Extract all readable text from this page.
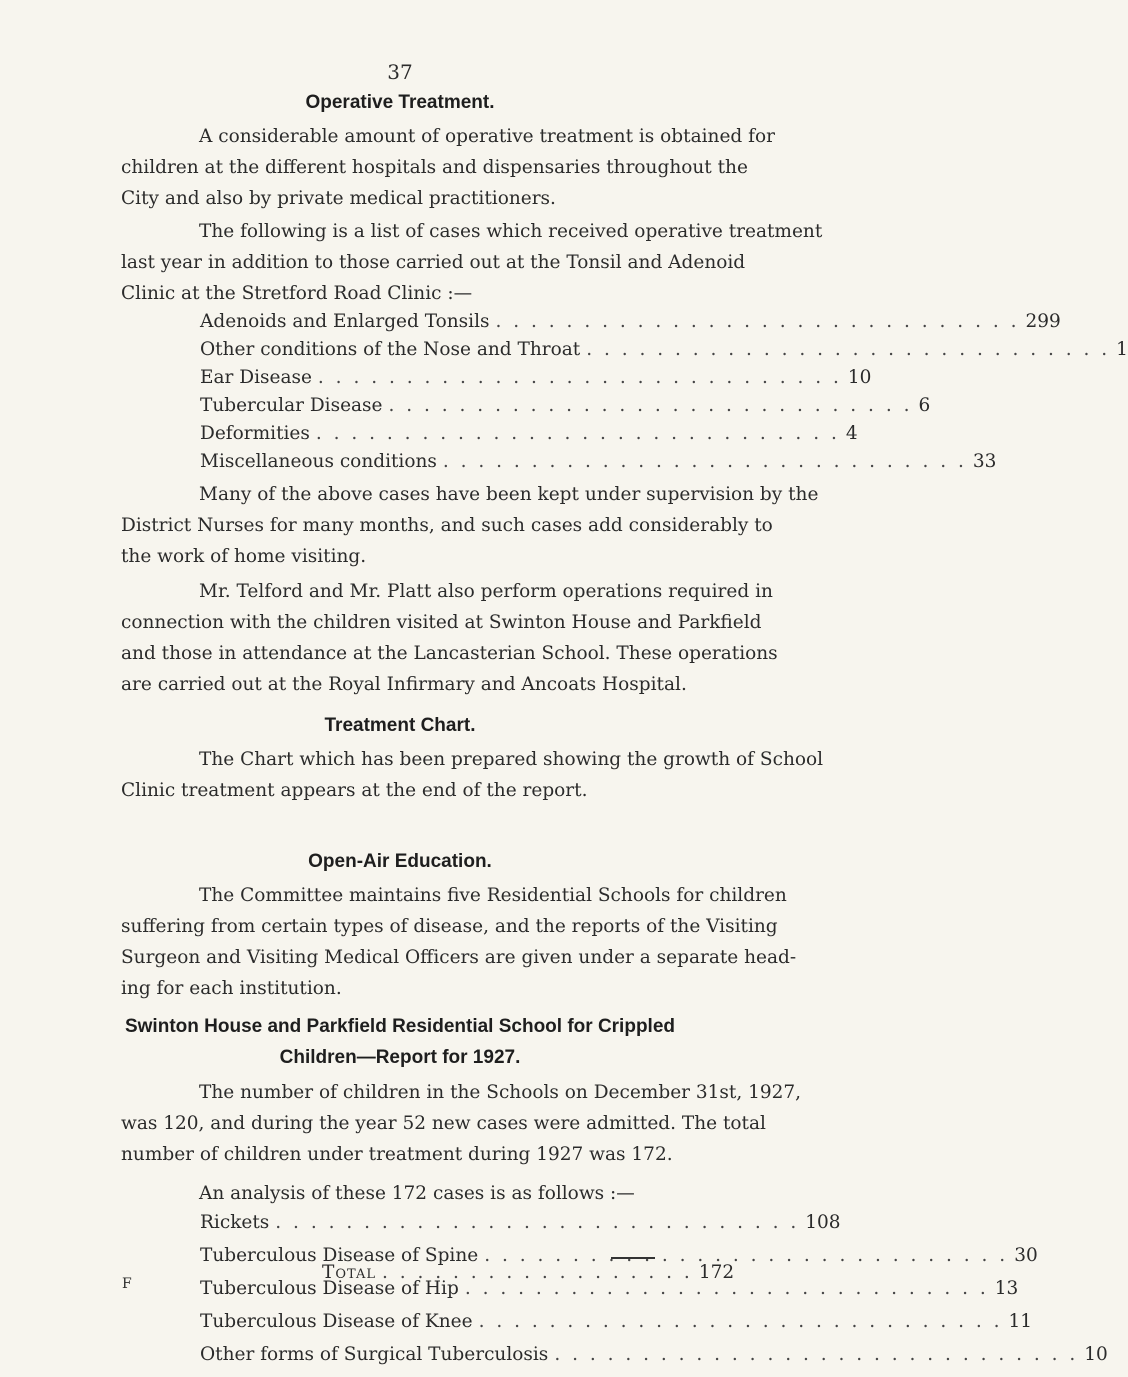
37
Operative Treatment.
A considerable amount of operative treatment is obtained for
children at the different hospitals and dispensaries throughout the
City and also by private medical practitioners.
The following is a list of cases which received operative treatment
last year in addition to those carried out at the Tonsil and Adenoid
Clinic at the Stretford Road Clinic :—
Adenoids and Enlarged Tonsils . . . . . . . . . . . . . . . . . . . . . . . . . . . . . . 299
Other conditions of the Nose and Throat . . . . . . . . . . . . . . . . . . . . . . . . . . . . . . 1
Ear Disease . . . . . . . . . . . . . . . . . . . . . . . . . . . . . . 10
Tubercular Disease . . . . . . . . . . . . . . . . . . . . . . . . . . . . . . 6
Deformities . . . . . . . . . . . . . . . . . . . . . . . . . . . . . . 4
Miscellaneous conditions . . . . . . . . . . . . . . . . . . . . . . . . . . . . . . 33
Many of the above cases have been kept under supervision by the
District Nurses for many months, and such cases add considerably to
the work of home visiting.
Mr. Telford and Mr. Platt also perform operations required in
connection with the children visited at Swinton House and Parkfield
and those in attendance at the Lancasterian School. These operations
are carried out at the Royal Infirmary and Ancoats Hospital.
Treatment Chart.
The Chart which has been prepared showing the growth of School
Clinic treatment appears at the end of the report.
Open-Air Education.
The Committee maintains five Residential Schools for children
suffering from certain types of disease, and the reports of the Visiting
Surgeon and Visiting Medical Officers are given under a separate head-
ing for each institution.
Swinton House and Parkfield Residential School for Crippled
Children—Report for 1927.
The number of children in the Schools on December 31st, 1927,
was 120, and during the year 52 new cases were admitted. The total
number of children under treatment during 1927 was 172.
An analysis of these 172 cases is as follows :—
Rickets . . . . . . . . . . . . . . . . . . . . . . . . . . . . . . 108
Tuberculous Disease of Spine . . . . . . . . . . . . . . . . . . . . . . . . . . . . . . 30
Tuberculous Disease of Hip . . . . . . . . . . . . . . . . . . . . . . . . . . . . . . 13
Tuberculous Disease of Knee . . . . . . . . . . . . . . . . . . . . . . . . . . . . . . 11
Other forms of Surgical Tuberculosis . . . . . . . . . . . . . . . . . . . . . . . . . . . . . . 10
Total . . . . . . . . . . . . . . . . . . 172
F
